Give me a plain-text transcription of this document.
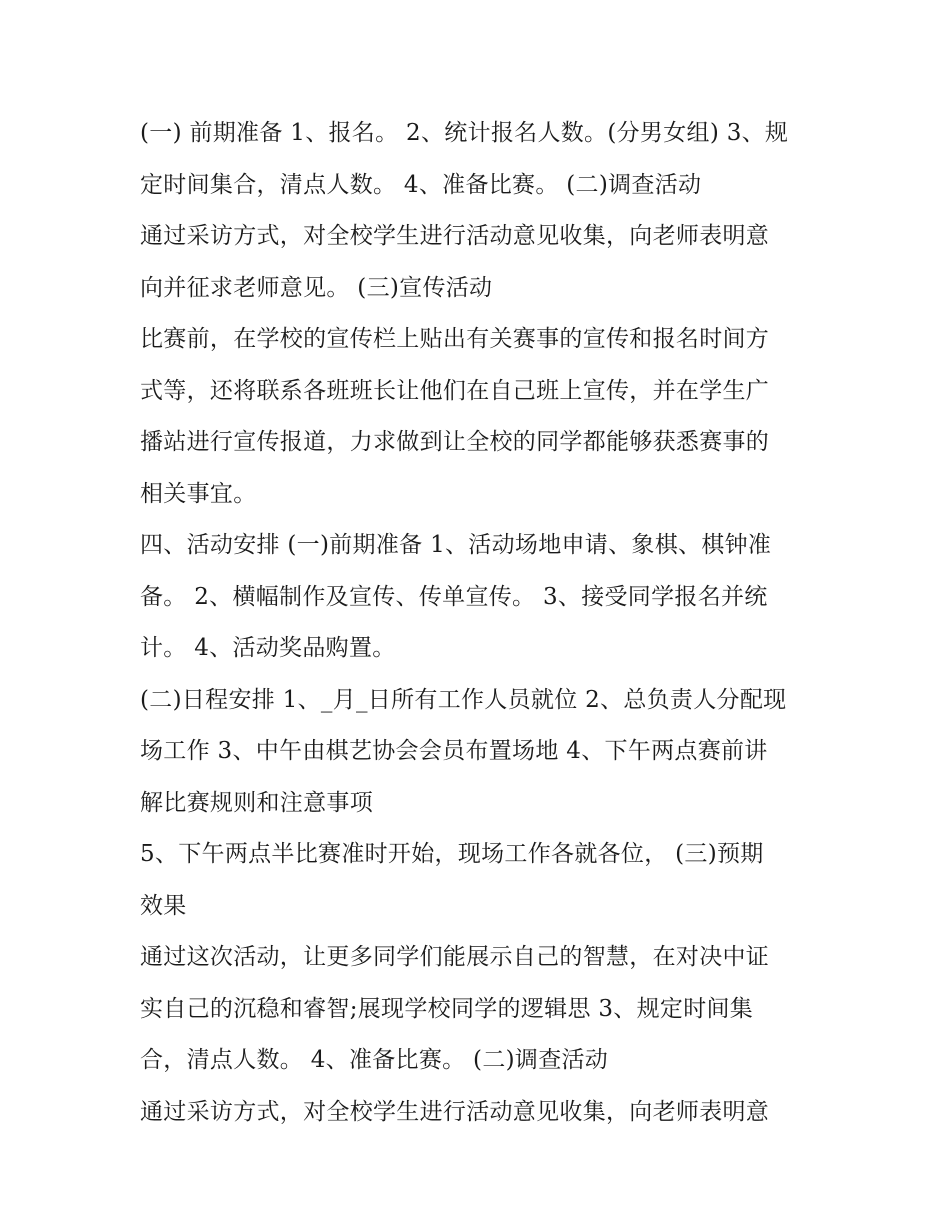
(一) 前期准备 1、报名。 2、统计报名人数。(分男女组) 3、规
定时间集合，清点人数。 4、准备比赛。 (二)调查活动
通过采访方式，对全校学生进行活动意见收集，向老师表明意
向并征求老师意见。 (三)宣传活动
比赛前，在学校的宣传栏上贴出有关赛事的宣传和报名时间方
式等，还将联系各班班长让他们在自己班上宣传，并在学生广
播站进行宣传报道，力求做到让全校的同学都能够获悉赛事的
相关事宜。
四、活动安排 (一)前期准备 1、活动场地申请、象棋、棋钟准
备。 2、横幅制作及宣传、传单宣传。 3、接受同学报名并统
计。 4、活动奖品购置。
(二)日程安排 1、_月_日所有工作人员就位 2、总负责人分配现
场工作 3、中午由棋艺协会会员布置场地 4、下午两点赛前讲
解比赛规则和注意事项
5、下午两点半比赛准时开始，现场工作各就各位， (三)预期
效果
通过这次活动，让更多同学们能展示自己的智慧，在对决中证
实自己的沉稳和睿智;展现学校同学的逻辑思 3、规定时间集
合，清点人数。 4、准备比赛。 (二)调查活动
通过采访方式，对全校学生进行活动意见收集，向老师表明意
